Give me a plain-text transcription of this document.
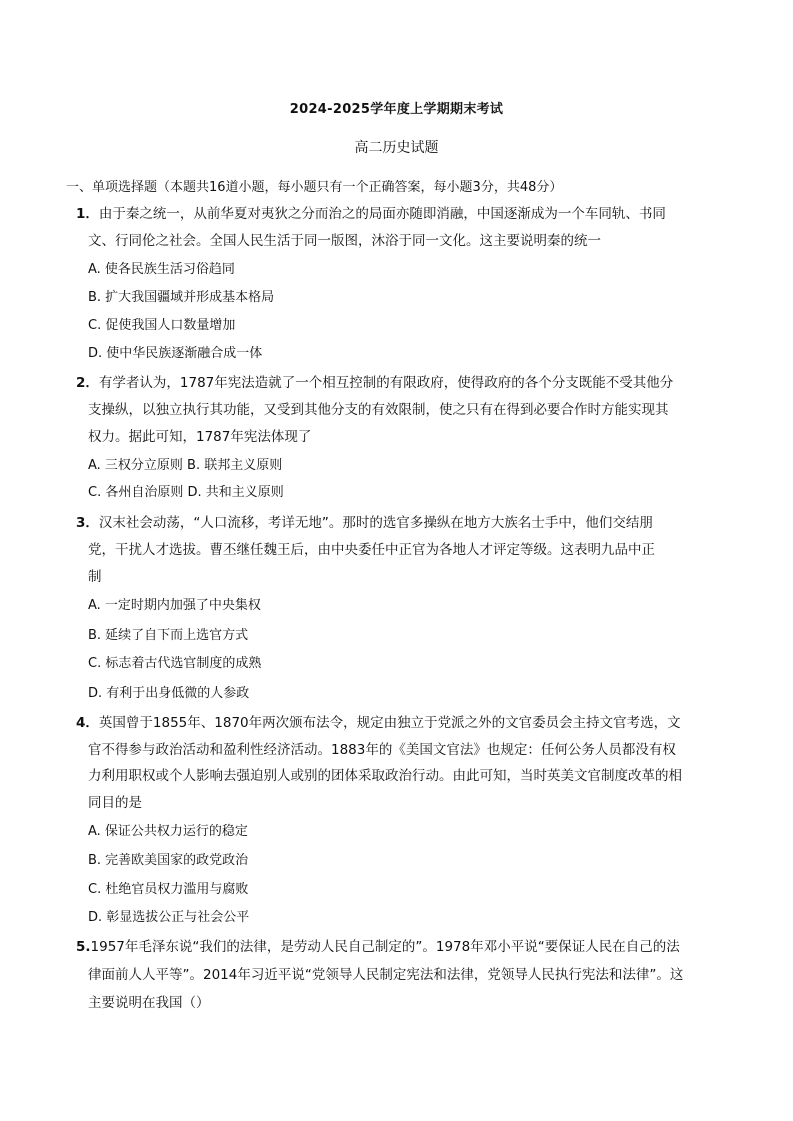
2024-2025学年度上学期期末考试
高二历史试题
一、单项选择题（本题共16道小题，每小题只有一个正确答案，每小题3分，共48分）
1．由于秦之统一，从前华夏对夷狄之分而治之的局面亦随即消融，中国逐渐成为一个车同轨、书同
文、行同伦之社会。全国人民生活于同一版图，沐浴于同一文化。这主要说明秦的统一
A. 使各民族生活习俗趋同
B. 扩大我国疆域并形成基本格局
C. 促使我国人口数量增加
D. 使中华民族逐渐融合成一体
2．有学者认为，1787年宪法造就了一个相互控制的有限政府，使得政府的各个分支既能不受其他分
支操纵，以独立执行其功能，又受到其他分支的有效限制，使之只有在得到必要合作时方能实现其
权力。据此可知，1787年宪法体现了
A. 三权分立原则 B. 联邦主义原则
C. 各州自治原则 D. 共和主义原则
3．汉末社会动荡，“人口流移，考详无地”。那时的选官多操纵在地方大族名士手中，他们交结朋
党，干扰人才选拔。曹丕继任魏王后，由中央委任中正官为各地人才评定等级。这表明九品中正
制
A. 一定时期内加强了中央集权
B. 延续了自下而上选官方式
C. 标志着古代选官制度的成熟
D. 有利于出身低微的人参政
4．英国曾于1855年、1870年两次颁布法令，规定由独立于党派之外的文官委员会主持文官考选，文
官不得参与政治活动和盈利性经济活动。1883年的《美国文官法》也规定：任何公务人员都没有权
力利用职权或个人影响去强迫别人或别的团体采取政治行动。由此可知，当时英美文官制度改革的相
同目的是
A. 保证公共权力运行的稳定
B. 完善欧美国家的政党政治
C. 杜绝官员权力滥用与腐败
D. 彰显选拔公正与社会公平
5.1957年毛泽东说“我们的法律，是劳动人民自己制定的”。1978年邓小平说“要保证人民在自己的法
律面前人人平等”。2014年习近平说“党领导人民制定宪法和法律，党领导人民执行宪法和法律”。这
主要说明在我国（）
